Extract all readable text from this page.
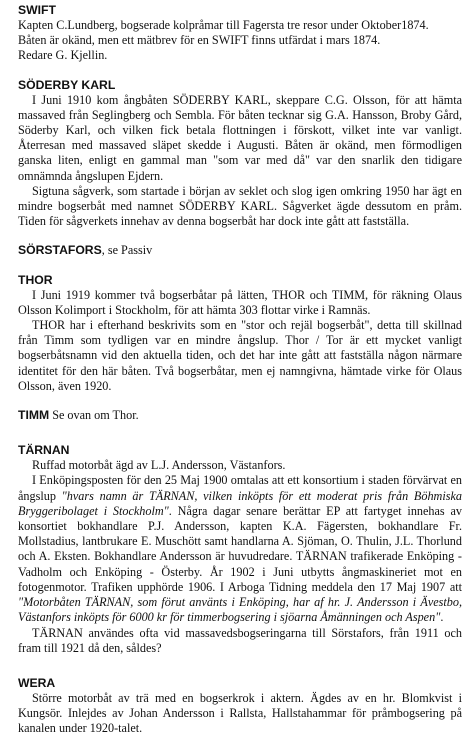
SWIFT

Kapten C.Lundberg, bogserade kolpråmar till Fagersta tre resor under Oktober1874.

Båten är okänd, men ett mätbrev för en SWIFT finns utfärdat i mars 1874.

Redare G. Kjellin.

SÖDERBY KARL

I Juni 1910 kom ångbåten SÖDERBY KARL, skeppare C.G. Olsson, för att hämta massaved från Seglingberg och Sembla. För båten tecknar sig G.A. Hansson, Broby Gård, Söderby Karl, och vilken fick betala flottningen i förskott, vilket inte var vanligt. Återresan med massaved släpet skedde i Augusti. Båten är okänd, men förmodligen ganska liten, enligt en gammal man "som var med då" var den snarlik den tidigare omnämnda ångslupen Ejdern.

Sigtuna sågverk, som startade i början av seklet och slog igen omkring 1950 har ägt en mindre bogserbåt med namnet SÖDERBY KARL. Sågverket ägde dessutom en pråm. Tiden för sågverkets innehav av denna bogserbåt har dock inte gått att fastställa.

SÖRSTAFORS, se Passiv

THOR

I Juni 1919 kommer två bogserbåtar på lätten, THOR och TIMM, för räkning Olaus Olsson Kolimport i Stockholm, för att hämta 303 flottar virke i Ramnäs.

THOR har i efterhand beskrivits som en "stor och rejäl bogserbåt", detta till skillnad från Timm som tydligen var en mindre ångslup. Thor / Tor är ett mycket vanligt bogserbåtsnamn vid den aktuella tiden, och det har inte gått att fastställa någon närmare identitet för den här båten. Två bogserbåtar, men ej namngivna, hämtade virke för Olaus Olsson, även 1920.

TIMM Se ovan om Thor.

TÄRNAN

Ruffad motorbåt ägd av L.J. Andersson, Västanfors.

I Enköpingsposten för den 25 Maj 1900 omtalas att ett konsortium i staden förvärvat en ångslup "hvars namn är TÄRNAN, vilken inköpts för ett moderat pris från Böhmiska Bryggeribolaget i Stockholm". Några dagar senare berättar EP att fartyget innehas av konsortiet bokhandlare P.J. Andersson, kapten K.A. Fägersten, bokhandlare Fr. Mollstadius, lantbrukare E. Muschött samt handlarna A. Sjöman, O. Thulin, J.L. Thorlund och A. Eksten. Bokhandlare Andersson är huvudredare. TÄRNAN trafikerade Enköping - Vadholm och Enköping - Österby. År 1902 i Juni utbytts ångmaskineriet mot en fotogenmotor. Trafiken upphörde 1906. I Arboga Tidning meddela den 17 Maj 1907 att "Motorbåten TÄRNAN, som förut använts i Enköping, har af hr. J. Andersson i Ävestbo, Västanfors inköpts för 6000 kr för timmerbogsering i sjöarna Åmänningen och Aspen".

TÄRNAN användes ofta vid massavedsbogseringarna till Sörstafors, från 1911 och fram till 1921 då den, såldes?

WERA

Större motorbåt av trä med en bogserkrok i aktern. Ägdes av en hr. Blomkvist i Kungsör. Inlejdes av Johan Andersson i Rallsta, Hallstahammar för pråmbogsering på kanalen under 1920-talet.
